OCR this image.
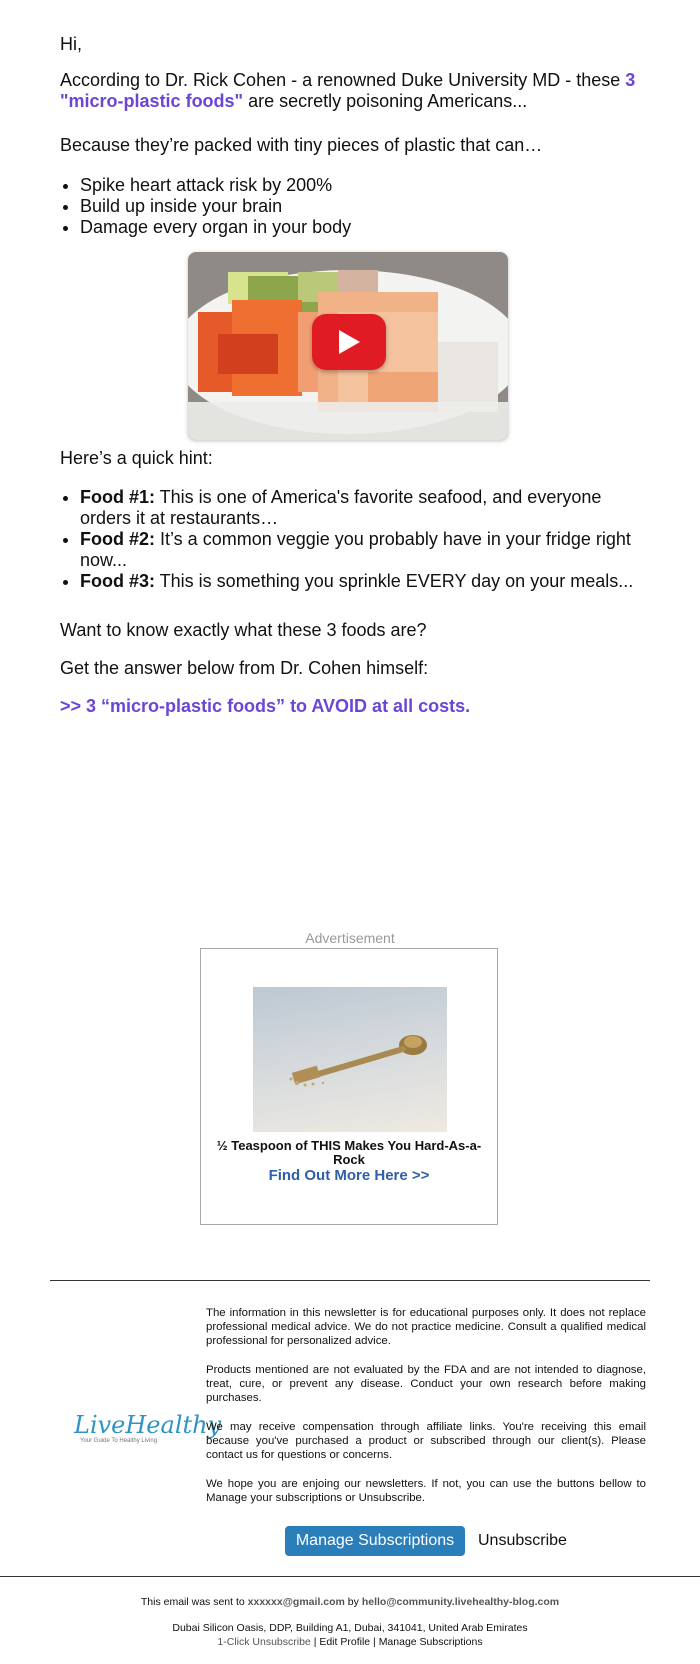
Hi,

According to Dr. Rick Cohen - a renowned Duke University MD - these 3 "micro-plastic foods" are secretly poisoning Americans...

Because they’re packed with tiny pieces of plastic that can…

• Spike heart attack risk by 200%
• Build up inside your brain
• Damage every organ in your body

Here’s a quick hint:

• Food #1: This is one of America's favorite seafood, and everyone orders it at restaurants…
• Food #2: It’s a common veggie you probably have in your fridge right now...
• Food #3: This is something you sprinkle EVERY day on your meals...

Want to know exactly what these 3 foods are?

Get the answer below from Dr. Cohen himself:

>> 3 “micro-plastic foods” to AVOID at all costs.
Advertisement
½ Teaspoon of THIS Makes You Hard-As-a-Rock
Find Out More Here >>
LiveHealthy
Your Guide To Healthy Living

The information in this newsletter is for educational purposes only. It does not replace professional medical advice. We do not practice medicine. Consult a qualified medical professional for personalized advice.

Products mentioned are not evaluated by the FDA and are not intended to diagnose, treat, cure, or prevent any disease. Conduct your own research before making purchases.

We may receive compensation through affiliate links. You're receiving this email because you've purchased a product or subscribed through our client(s). Please contact us for questions or concerns.

We hope you are enjoing our newsletters. If not, you can use the buttons bellow to Manage your subscriptions or Unsubscribe.

Manage Subscriptions	Unsubscribe
This email was sent to xxxxxx@gmail.com by hello@community.livehealthy-blog.com
Dubai Silicon Oasis, DDP, Building A1, Dubai, 341041, United Arab Emirates
1-Click Unsubscribe | Edit Profile | Manage Subscriptions
